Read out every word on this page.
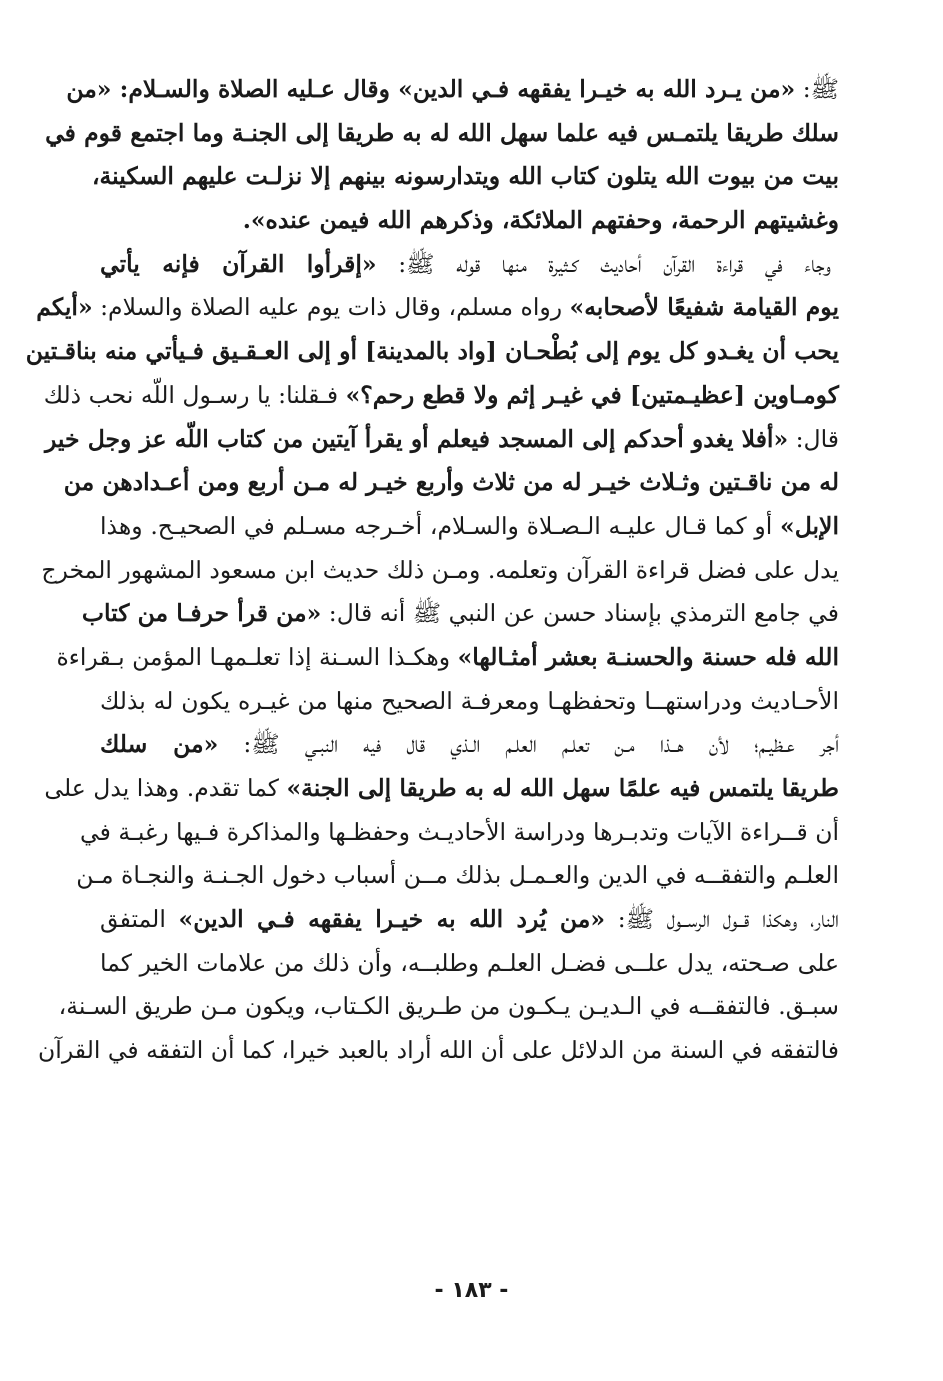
ﷺ: «من يـرد الله به خيـرا يفقهه فـي الدين» وقال عـليه الصلاة والسـلام: «من
سلك طريقا يلتمـس فيه علما سهل الله له به طريقا إلى الجنـة وما اجتمع قوم في
بيت من بيوت الله يتلون كتاب الله ويتدارسونه بينهم إلا نزلـت عليهم السكينة،
وغشيتهم الرحمة، وحفتهم الملائكة، وذكرهم الله فيمن عنده».
وجاء في قراءة القرآن أحاديث كـثيرة منها قوله ﷺ: «إقرأوا القرآن فإنه يأتي
يوم القيامة شفيعًا لأصحابه» رواه مسلم، وقال ذات يوم عليه الصلاة والسلام: «أيكم
يحب أن يغـدو كل يوم إلى بُطْحـان [واد بالمدينة] أو إلى العـقـيق فـيأتي منه بناقـتين
كومـاوين [عظيـمتين] في غيـر إثم ولا قطع رحم؟» فـقلنا: يا رسـول اللّه نحب ذلك
قال: «أفلا يغدو أحدكم إلى المسجد فيعلم أو يقرأ آيتين من كتاب اللّه عز وجل خير
له من ناقـتين وثـلاث خيـر له من ثلاث وأربع خيـر له مـن أربع ومن أعـدادهن من
الإبل» أو كما قـال عليـه الـصـلاة والسـلام، أخـرجه مسـلم في الصحيـح. وهذا
يدل على فضل قراءة القرآن وتعلمه. ومـن ذلك حديث ابن مسعود المشهور المخرج
في جامع الترمذي بإسناد حسن عن النبي ﷺ أنه قال: «من قرأ حرفـا من كتاب
الله فله حسنة والحسنـة بعشر أمثـالها» وهكـذا السـنة إذا تعلـمهـا المؤمن بـقراءة
الأحـاديث ودراستهــا وتحفظهـا ومعرفـة الصحيح منها من غيـره يكون له بذلك
أجر عـظيـم؛ لأن هــذا مـن تعلـم العلـم الـذي قال فيه النبـي ﷺ: «من سلك
طريقا يلتمس فيه علمًا سهل الله له به طريقا إلى الجنة» كما تقدم. وهذا يدل على
أن قــراءة الآيات وتدبـرها ودراسة الأحاديـث وحفظـها والمذاكرة فـيها رغبـة في
العلـم والتفقــه في الدين والعـمـل بذلك مــن أسباب دخول الجـنـة والنجـاة مـن
النار، وهكذا قــول الرســول ﷺ: «من يُرد الله به خيـرا يفقهه فـي الدين» المتفق
على صـحته، يدل علــى فضـل العلـم وطلبــه، وأن ذلك من علامات الخير كما
سبـق. فالتفقــه في الـديـن يـكـون من طـريق الكـتاب، ويكون مـن طريق السـنة،
فالتفقه في السنة من الدلائل على أن الله أراد بالعبد خيرا، كما أن التفقه في القرآن
- ١٨٣ -
